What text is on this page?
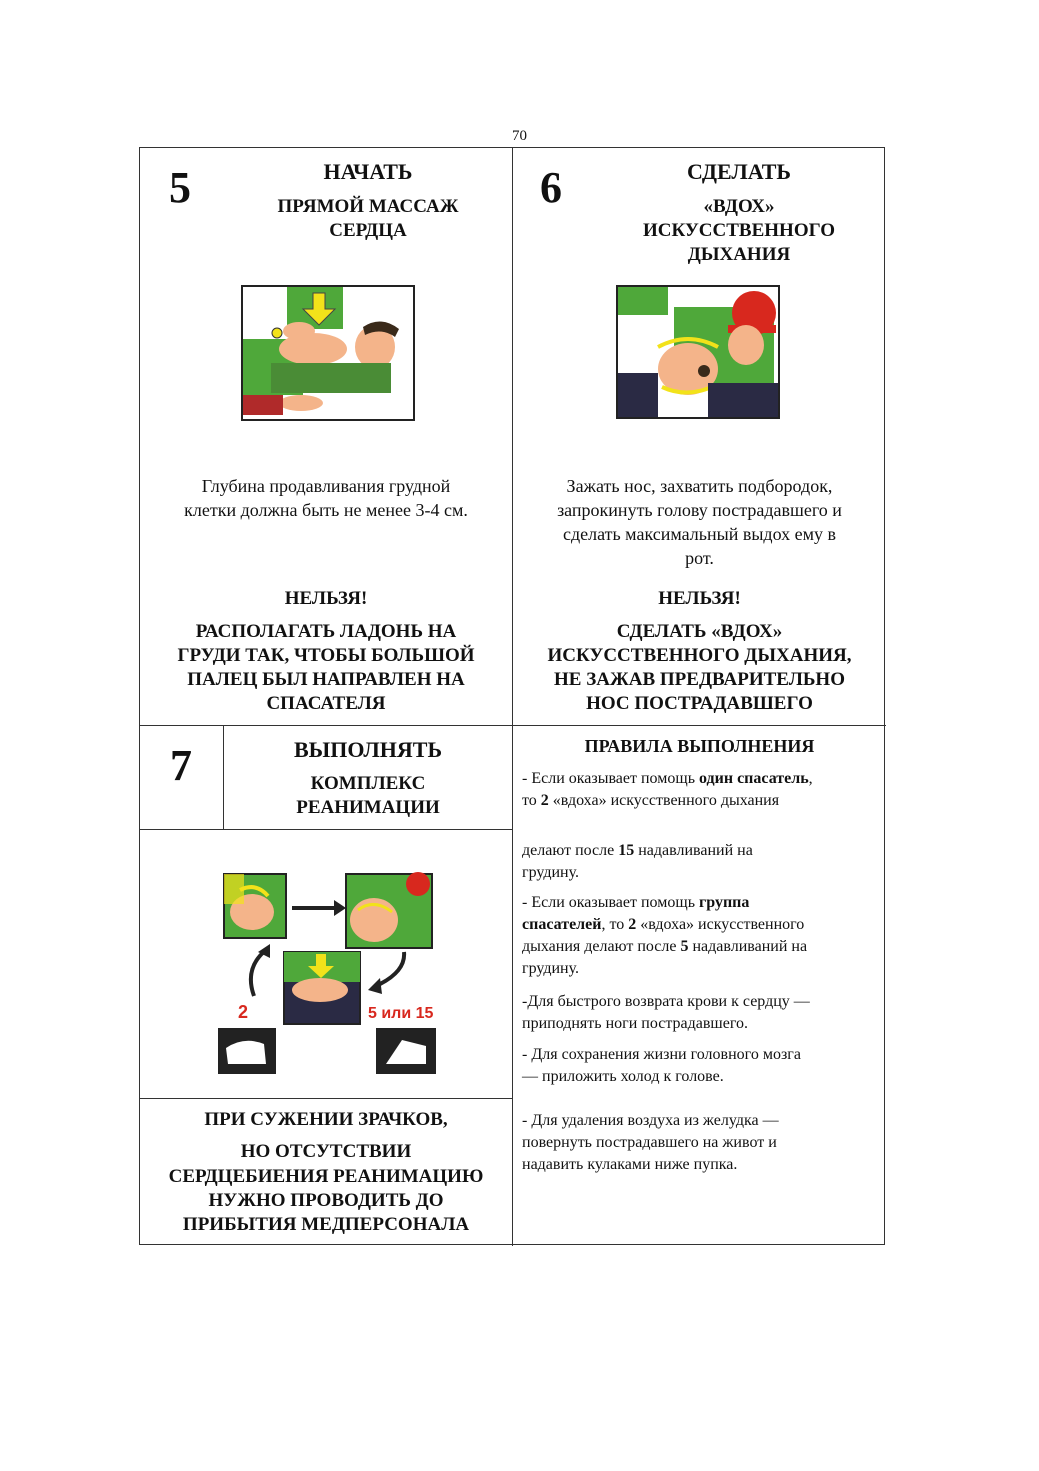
70
5	НАЧАТЬ
ПРЯМОЙ МАССАЖ
СЕРДЦА
Глубина продавливания грудной
клетки должна быть не менее 3-4 см.
НЕЛЬЗЯ!
РАСПОЛАГАТЬ ЛАДОНЬ НА
ГРУДИ ТАК, ЧТОБЫ БОЛЬШОЙ
ПАЛЕЦ БЫЛ НАПРАВЛЕН НА
СПАСАТЕЛЯ
6	СДЕЛАТЬ
«ВДОХ»
ИСКУССТВЕННОГО
ДЫХАНИЯ
Зажать нос, захватить подбородок,
запрокинуть голову пострадавшего и
сделать максимальный выдох ему в
рот.
НЕЛЬЗЯ!
СДЕЛАТЬ «ВДОХ»
ИСКУССТВЕННОГО ДЫХАНИЯ,
НЕ ЗАЖАВ ПРЕДВАРИТЕЛЬНО
НОС ПОСТРАДАВШЕГО
7	ВЫПОЛНЯТЬ
КОМПЛЕКС
РЕАНИМАЦИИ
2	5 или 15
ПРИ СУЖЕНИИ ЗРАЧКОВ,
НО ОТСУТСТВИИ
СЕРДЦЕБИЕНИЯ РЕАНИМАЦИЮ
НУЖНО ПРОВОДИТЬ ДО
ПРИБЫТИЯ МЕДПЕРСОНАЛА
ПРАВИЛА ВЫПОЛНЕНИЯ
- Если оказывает помощь один спасатель,
то 2 «вдоха» искусственного дыхания
делают после 15 надавливаний на
грудину.
- Если оказывает помощь группа
спасателей, то 2 «вдоха» искусственного
дыхания делают после 5 надавливаний на
грудину.
-Для быстрого возврата крови к сердцу —
приподнять ноги пострадавшего.
- Для сохранения жизни головного мозга
— приложить холод к голове.
- Для удаления воздуха из желудка —
повернуть пострадавшего на живот и
надавить кулаками ниже пупка.
